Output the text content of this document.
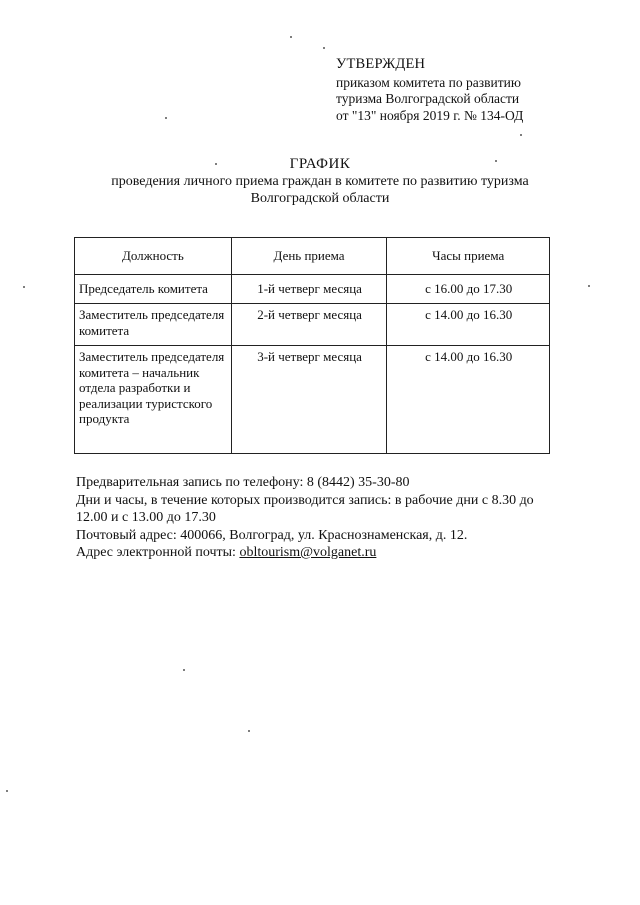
УТВЕРЖДЕН
приказом комитета по развитию
туризма Волгоградской области
от "13" ноября 2019 г. № 134-ОД
ГРАФИК
проведения личного приема граждан в комитете по развитию туризма
Волгоградской области
Должность	День приема	Часы приема
Председатель комитета	1-й четверг месяца	с 16.00 до 17.30
Заместитель председателя комитета	2-й четверг месяца	с 14.00 до 16.30
Заместитель председателя комитета – начальник отдела разработки и реализации туристского продукта	3-й четверг месяца	с 14.00 до 16.30

Предварительная запись по телефону: 8 (8442) 35-30-80

Дни и часы, в течение которых производится запись: в рабочие дни с 8.30 до 12.00 и с 13.00 до 17.30

Почтовый адрес: 400066, Волгоград, ул. Краснознаменская, д. 12.

Адрес электронной почты: obltourism@volganet.ru
